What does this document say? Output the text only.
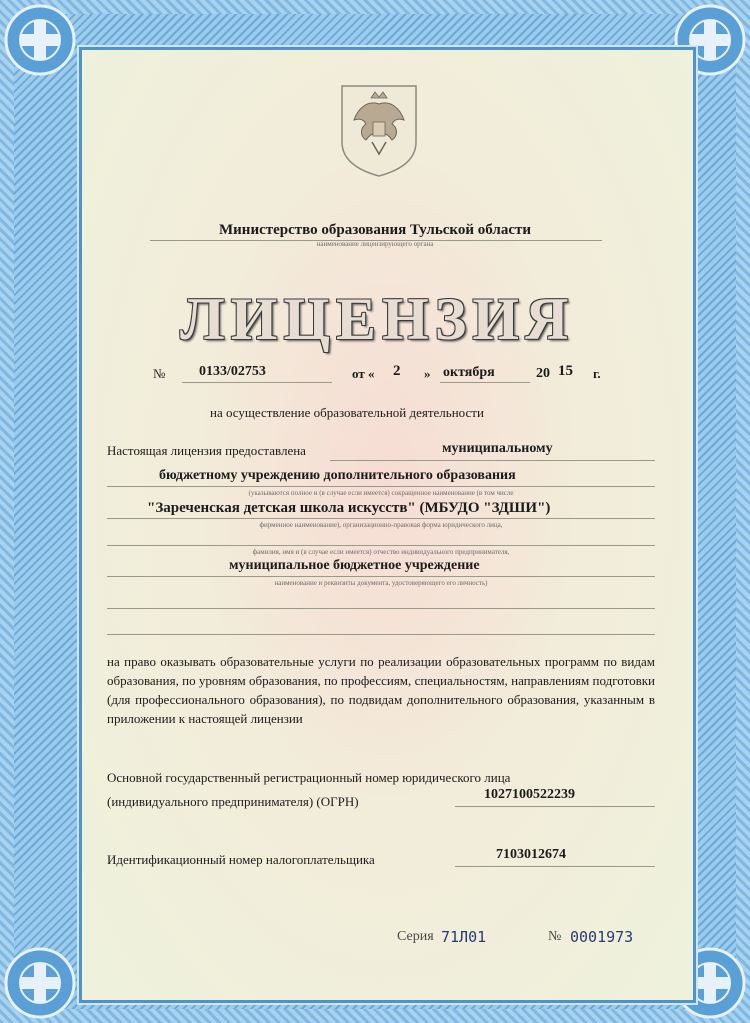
Министерство образования Тульской области
наименование лицензирующего органа
ЛИЦЕНЗИЯ
№ 0133/02753	от « 2 » октября	20 15 г.
на осуществление образовательной деятельности
Настоящая лицензия предоставлена	муниципальному
бюджетному учреждению дополнительного образования
(указываются полное и (в случае если имеется) сокращенное наименование (в том числе
"Зареченская детская школа искусств" (МБУДО "ЗДШИ")
фирменное наименование), организационно-правовая форма юридического лица,
фамилия, имя и (в случае если имеется) отчество индивидуального предпринимателя,
муниципальное бюджетное учреждение
наименование и реквизиты документа, удостоверяющего его личность)
на право оказывать образовательные услуги по реализации образовательных программ по видам образования, по уровням образования, по профессиям, специальностям, направлениям подготовки (для профессионального образования), по подвидам дополнительного образования, указанным в приложении к настоящей лицензии
Основной государственный регистрационный номер юридического лица
(индивидуального предпринимателя) (ОГРН)	1027100522239
Идентификационный номер налогоплательщика	7103012674
Серия 71Л01	№ 0001973
